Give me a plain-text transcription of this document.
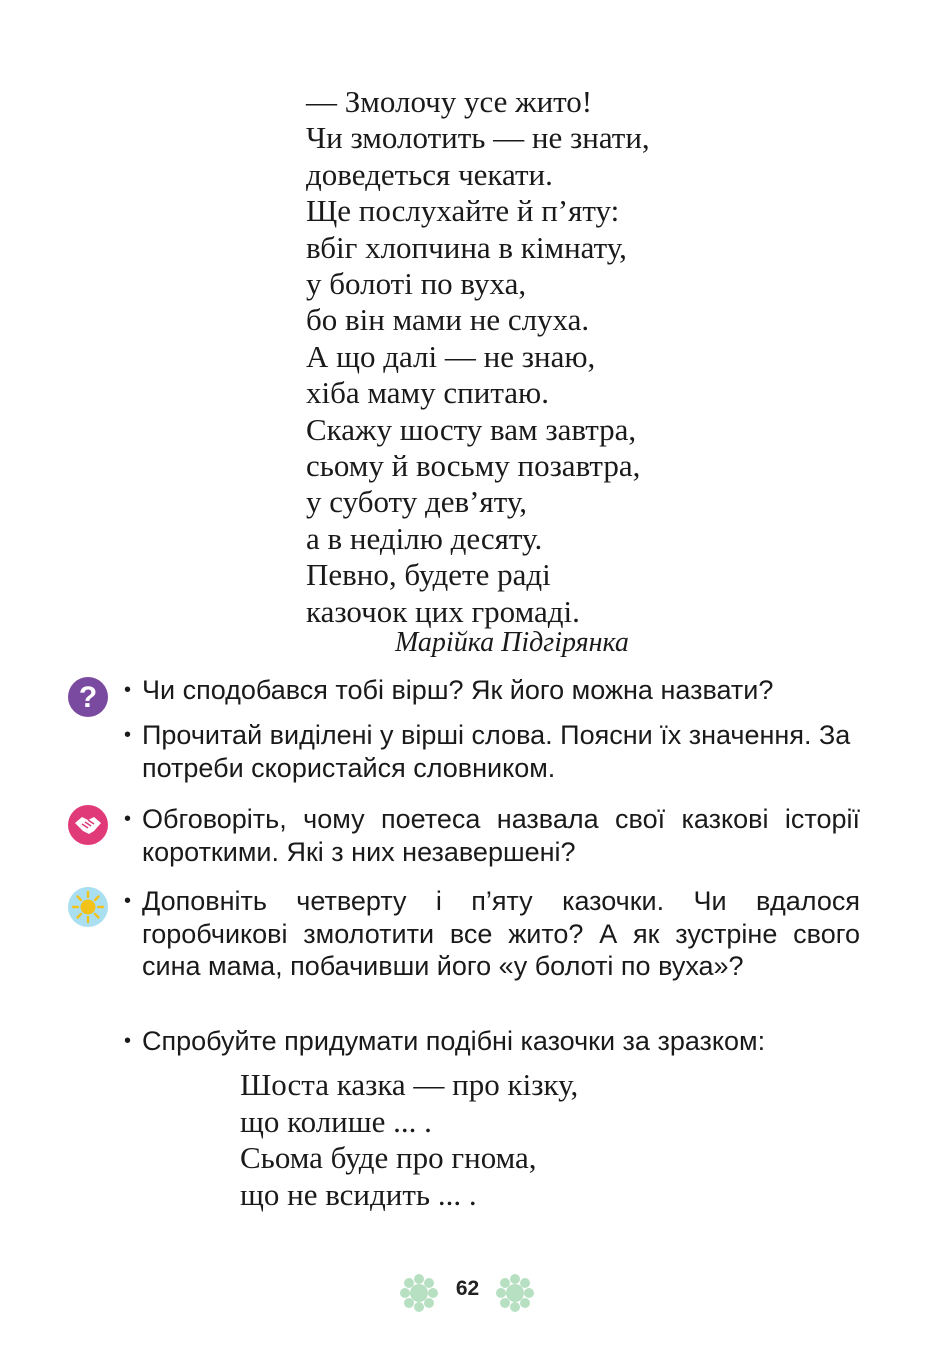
— Змолочу усе жито!
Чи змолотить — не знати,
доведеться чекати.
Ще послухайте й п’яту:
вбіг хлопчина в кімнату,
у болоті по вуха,
бо він мами не слуха.
А що далі — не знаю,
хіба маму спитаю.
Скажу шосту вам завтра,
сьому й восьму позавтра,
у суботу дев’яту,
а в неділю десяту.
Певно, будете раді
казочок цих громаді.
Марійка Підгірянка
? • Чи сподобався тобі вірш? Як його можна назвати?
• Прочитай виділені у вірші слова. Поясни їх значення. За потреби скористайся словником.
• Обговоріть, чому поетеса назвала свої казкові історії короткими. Які з них незавершені?
• Доповніть четверту і п’яту казочки. Чи вдалося горобчикові змолотити все жито? А як зустріне свого сина мама, побачивши його «у болоті по вуха»?
• Спробуйте придумати подібні казочки за зразком:
Шоста казка — про кізку,
що колише ... .
Сьома буде про гнома,
що не всидить ... .
62
